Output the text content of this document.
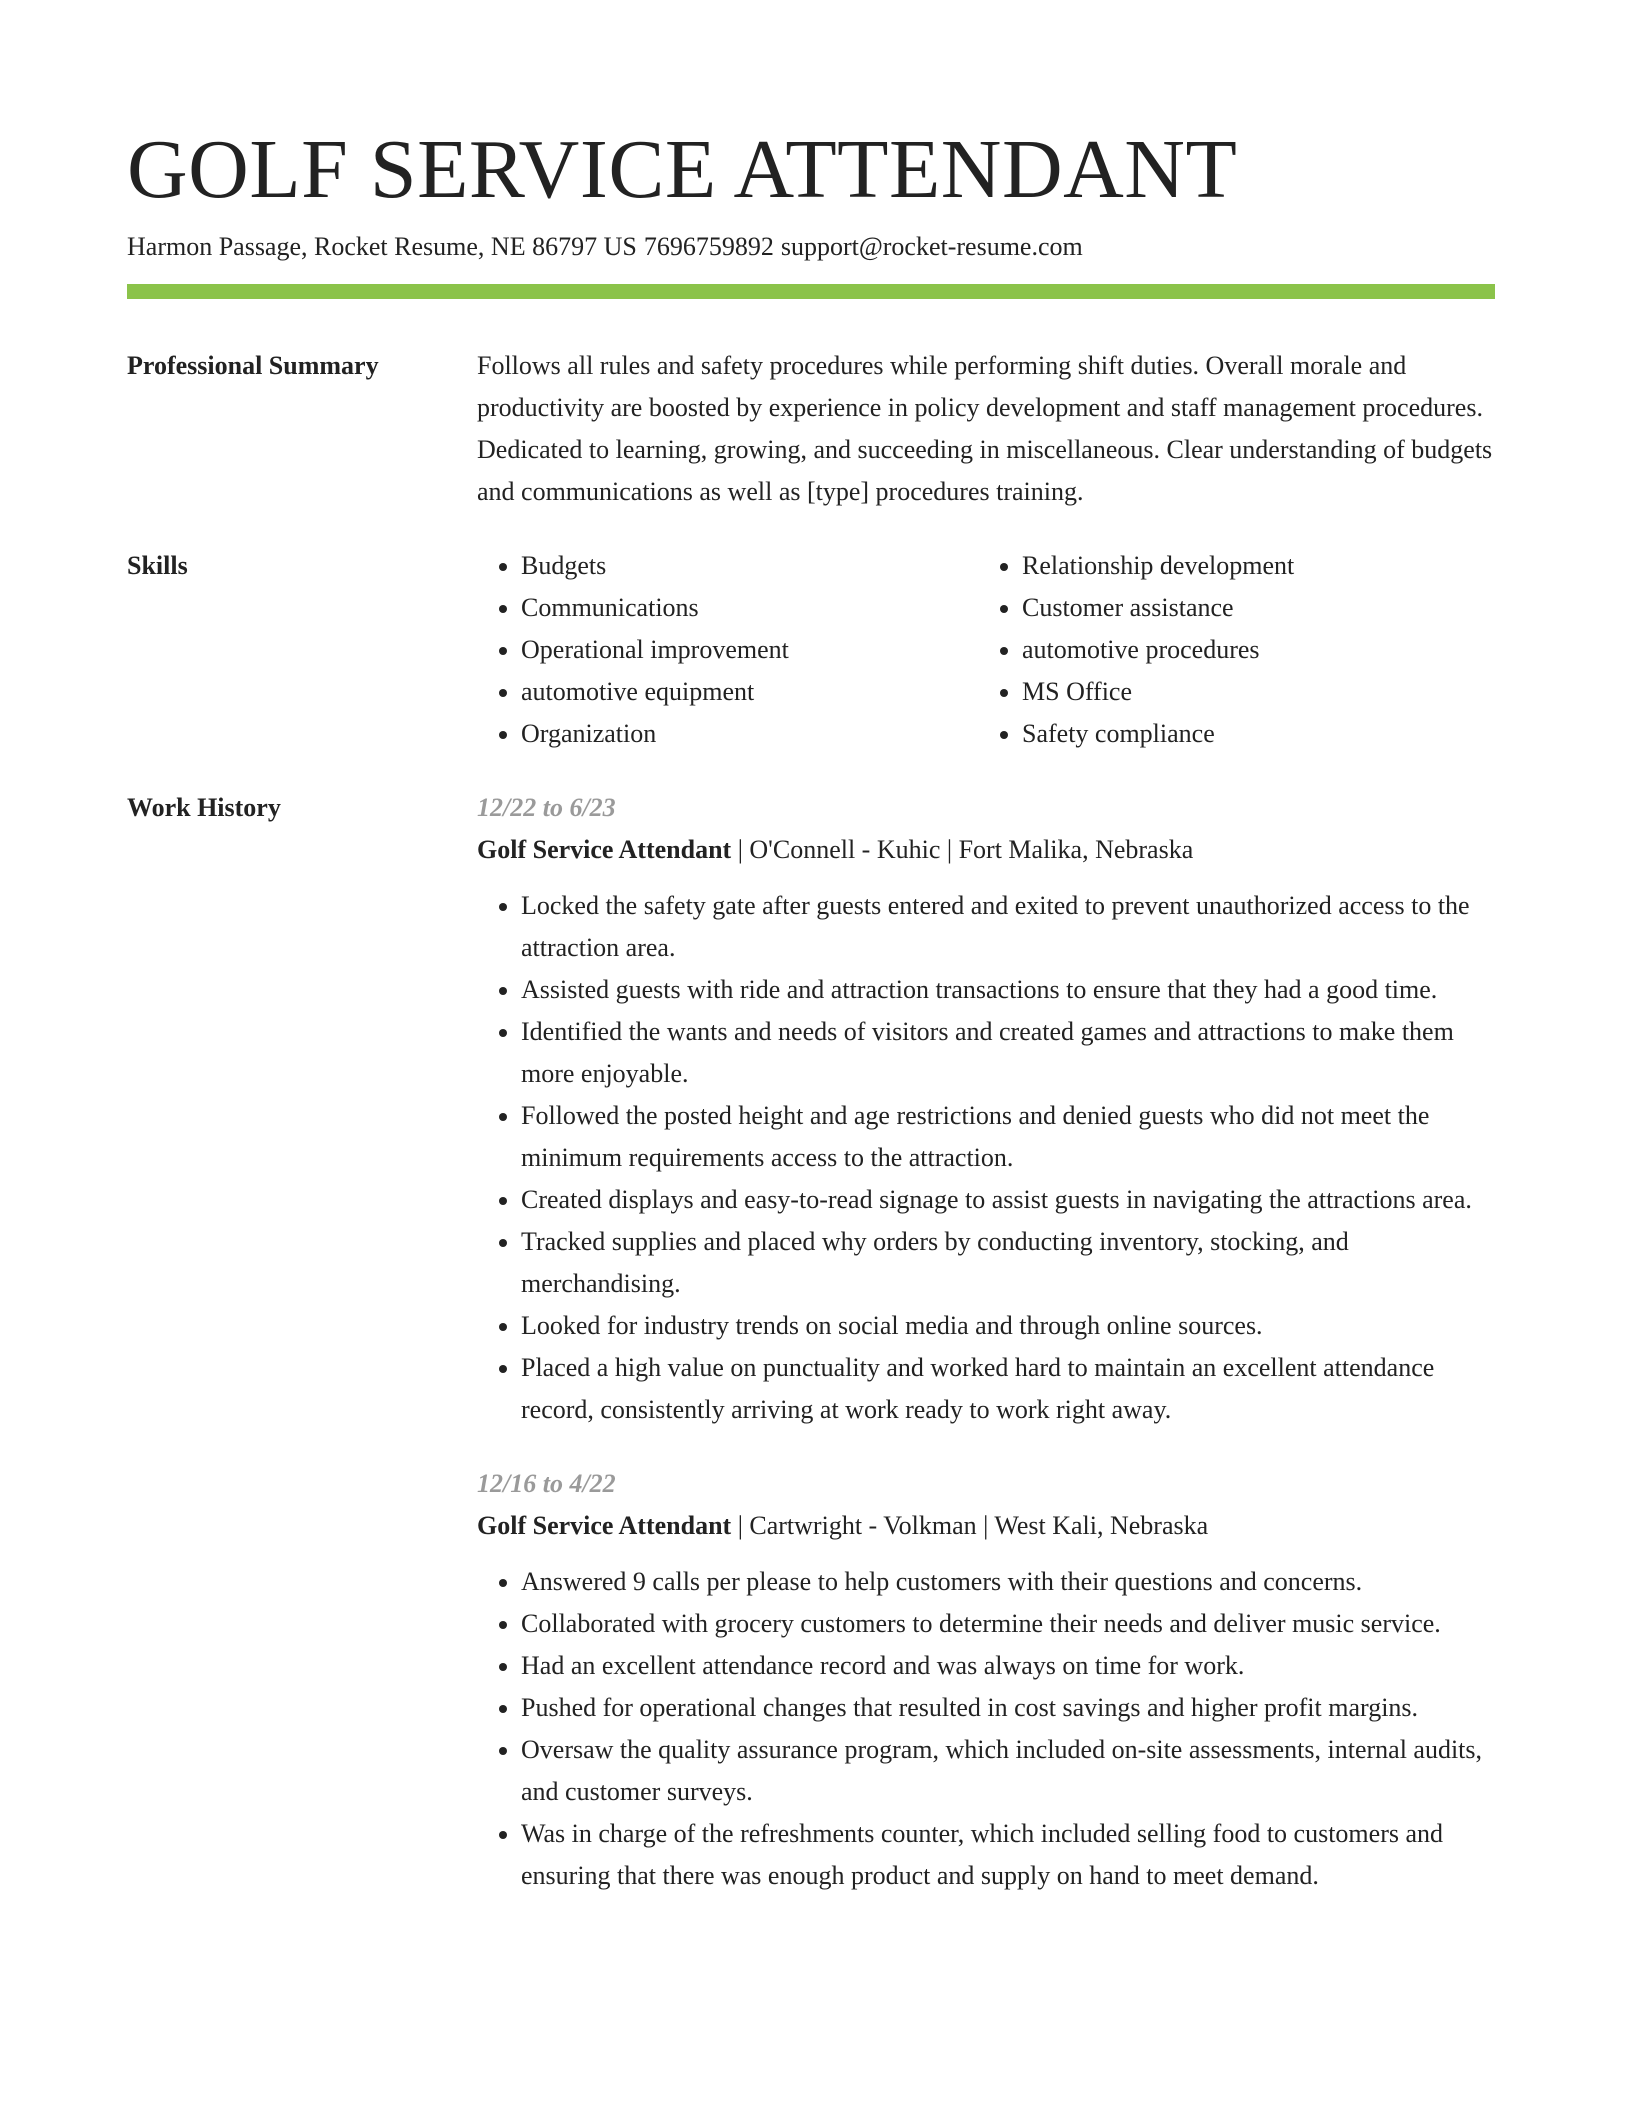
GOLF SERVICE ATTENDANT
Harmon Passage, Rocket Resume, NE 86797 US 7696759892 support@rocket-resume.com
Professional Summary	Follows all rules and safety procedures while performing shift duties. Overall morale and productivity are boosted by experience in policy development and staff management procedures. Dedicated to learning, growing, and succeeding in miscellaneous. Clear understanding of budgets and communications as well as [type] procedures training.

Skills
•	Budgets
• Communications
• Operational improvement
• automotive equipment
• Organization
• Relationship development
• Customer assistance
• automotive procedures
• MS Office
• Safety compliance
Work History	12/22 to 6/23
Golf Service Attendant | O'Connell - Kuhic | Fort Malika, Nebraska
• Locked the safety gate after guests entered and exited to prevent unauthorized access to the attraction area.
• Assisted guests with ride and attraction transactions to ensure that they had a good time.
• Identified the wants and needs of visitors and created games and attractions to make them more enjoyable.
• Followed the posted height and age restrictions and denied guests who did not meet the minimum requirements access to the attraction.
• Created displays and easy-to-read signage to assist guests in navigating the attractions area.
• Tracked supplies and placed why orders by conducting inventory, stocking, and merchandising.
• Looked for industry trends on social media and through online sources.
• Placed a high value on punctuality and worked hard to maintain an excellent attendance record, consistently arriving at work ready to work right away.
12/16 to 4/22
Golf Service Attendant | Cartwright - Volkman | West Kali, Nebraska
• Answered 9 calls per please to help customers with their questions and concerns.
• Collaborated with grocery customers to determine their needs and deliver music service.
• Had an excellent attendance record and was always on time for work.
• Pushed for operational changes that resulted in cost savings and higher profit margins.
• Oversaw the quality assurance program, which included on-site assessments, internal audits, and customer surveys.
• Was in charge of the refreshments counter, which included selling food to customers and ensuring that there was enough product and supply on hand to meet demand.
